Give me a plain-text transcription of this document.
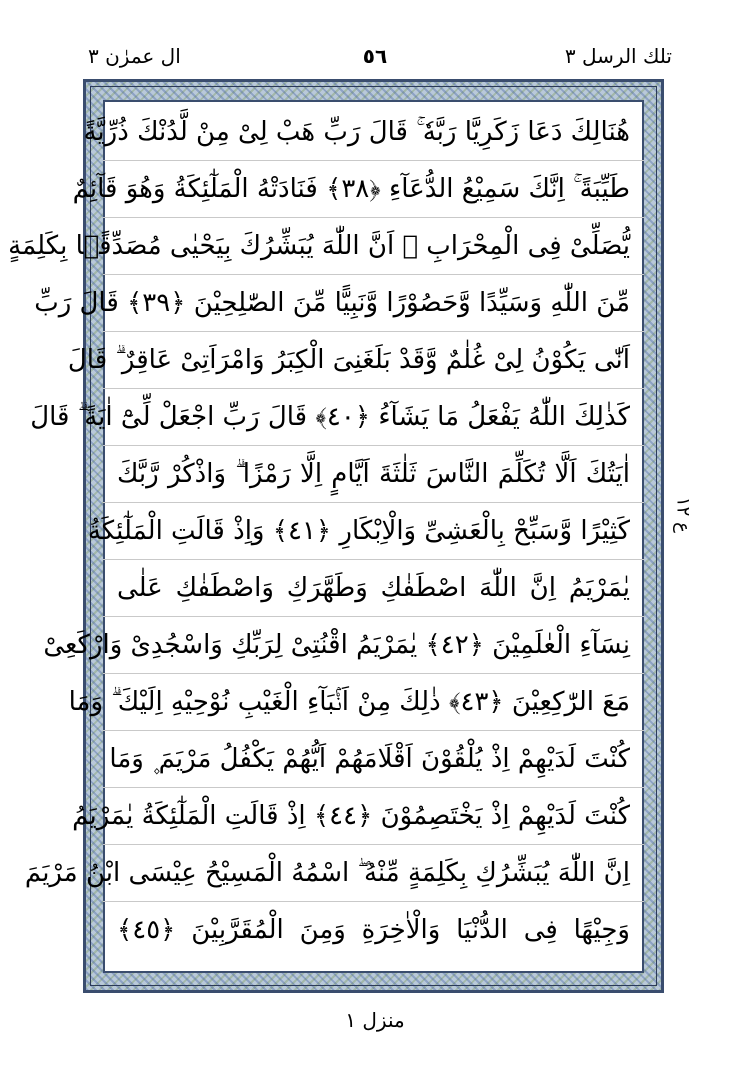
ال عمرٰن ٣	٥٦	تلك الرسل ٣
هُنَالِكَ دَعَا زَكَرِيَّا رَبَّهٗ ۚ قَالَ رَبِّ هَبْ لِىْ مِنْ لَّدُنْكَ ذُرِّيَّةً
طَيِّبَةً ۚ اِنَّكَ سَمِيْعُ الدُّعَآءِ ﴿٣٨﴾ فَنَادَتْهُ الْمَلٰٓئِكَةُ وَهُوَ قَآئِمٌ
يُّصَلِّىْ فِى الْمِحْرَابِ ۙ اَنَّ اللّٰهَ يُبَشِّرُكَ بِيَحْيٰى مُصَدِّقًۢا بِكَلِمَةٍ
مِّنَ اللّٰهِ وَسَيِّدًا وَّحَصُوْرًا وَّنَبِيًّا مِّنَ الصّٰلِحِيْنَ ﴿٣٩﴾ قَالَ رَبِّ
اَنّٰى يَكُوْنُ لِىْ غُلٰمٌ وَّقَدْ بَلَغَنِىَ الْكِبَرُ وَامْرَاَتِىْ عَاقِرٌ ۗ قَالَ
كَذٰلِكَ اللّٰهُ يَفْعَلُ مَا يَشَآءُ ﴿٤٠﴾ قَالَ رَبِّ اجْعَلْ لِّىْٓ اٰيَةً ۗ قَالَ
اٰيَتُكَ اَلَّا تُكَلِّمَ النَّاسَ ثَلٰثَةَ اَيَّامٍ اِلَّا رَمْزًا ۗ وَاذْكُرْ رَّبَّكَ
كَثِيْرًا وَّسَبِّحْ بِالْعَشِىِّ وَالْاِبْكَارِ ﴿٤١﴾ وَاِذْ قَالَتِ الْمَلٰٓئِكَةُ
يٰمَرْيَمُ اِنَّ اللّٰهَ اصْطَفٰكِ وَطَهَّرَكِ وَاصْطَفٰكِ عَلٰى
نِسَآءِ الْعٰلَمِيْنَ ﴿٤٢﴾ يٰمَرْيَمُ اقْنُتِىْ لِرَبِّكِ وَاسْجُدِىْ وَارْكَعِىْ
مَعَ الرّٰكِعِيْنَ ﴿٤٣﴾ ذٰلِكَ مِنْ اَنْۢبَآءِ الْغَيْبِ نُوْحِيْهِ اِلَيْكَ ۗ وَمَا
كُنْتَ لَدَيْهِمْ اِذْ يُلْقُوْنَ اَقْلَامَهُمْ اَيُّهُمْ يَكْفُلُ مَرْيَمَ ۪ وَمَا
كُنْتَ لَدَيْهِمْ اِذْ يَخْتَصِمُوْنَ ﴿٤٤﴾ اِذْ قَالَتِ الْمَلٰٓئِكَةُ يٰمَرْيَمُ
اِنَّ اللّٰهَ يُبَشِّرُكِ بِكَلِمَةٍ مِّنْهُ ۖ اسْمُهُ الْمَسِيْحُ عِيْسَى ابْنُ مَرْيَمَ
وَجِيْهًا فِى الدُّنْيَا وَالْاٰخِرَةِ وَمِنَ الْمُقَرَّبِيْنَ ﴿٤٥﴾
ع ١٢
منزل ١
